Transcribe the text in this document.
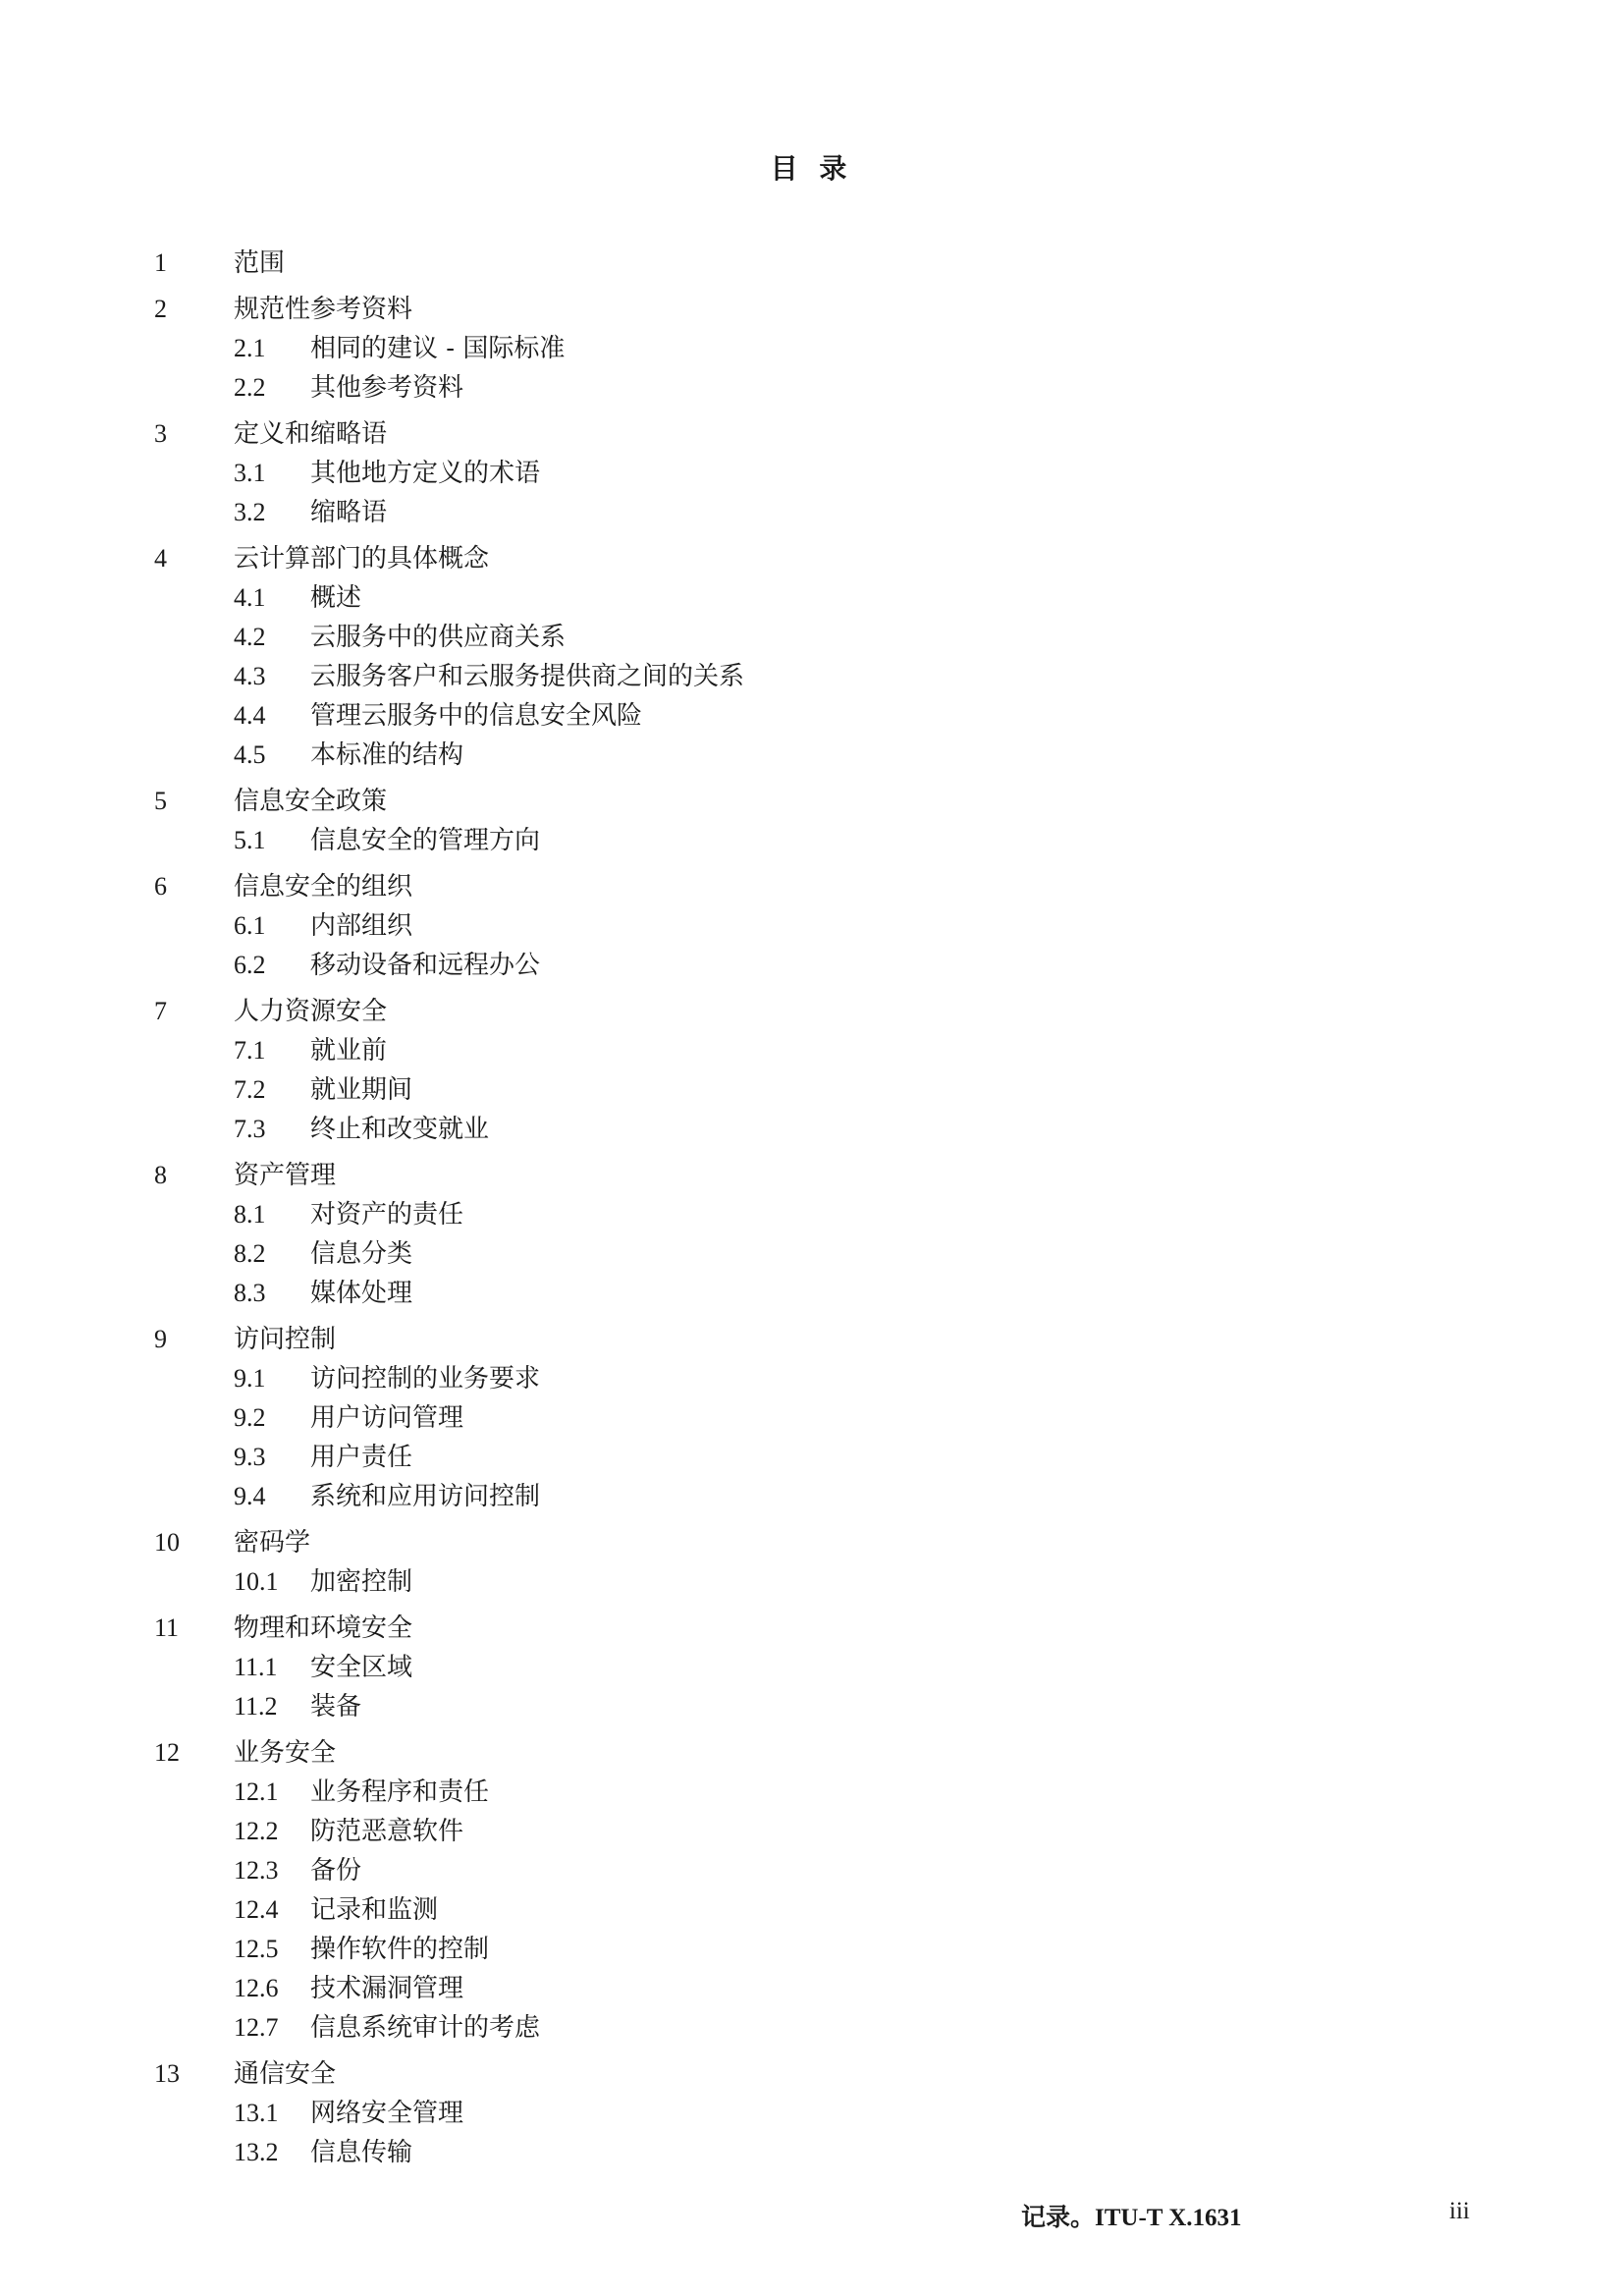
目 录
1	范围
2	规范性参考资料
2.1	相同的建议 - 国际标准
2.2	其他参考资料
3	定义和缩略语
3.1	其他地方定义的术语
3.2	缩略语
4	云计算部门的具体概念
4.1	概述
4.2	云服务中的供应商关系
4.3	云服务客户和云服务提供商之间的关系
4.4	管理云服务中的信息安全风险
4.5	本标准的结构
5	信息安全政策
5.1	信息安全的管理方向
6	信息安全的组织
6.1	内部组织
6.2	移动设备和远程办公
7	人力资源安全
7.1	就业前
7.2	就业期间
7.3	终止和改变就业
8	资产管理
8.1	对资产的责任
8.2	信息分类
8.3	媒体处理
9	访问控制
9.1	访问控制的业务要求
9.2	用户访问管理
9.3	用户责任
9.4	系统和应用访问控制
10	密码学
10.1	加密控制
11	物理和环境安全
11.1	安全区域
11.2	装备
12	业务安全
12.1	业务程序和责任
12.2	防范恶意软件
12.3	备份
12.4	记录和监测
12.5	操作软件的控制
12.6	技术漏洞管理
12.7	信息系统审计的考虑
13	通信安全
13.1	网络安全管理
13.2	信息传输
记录。ITU-T X.1631	iii
